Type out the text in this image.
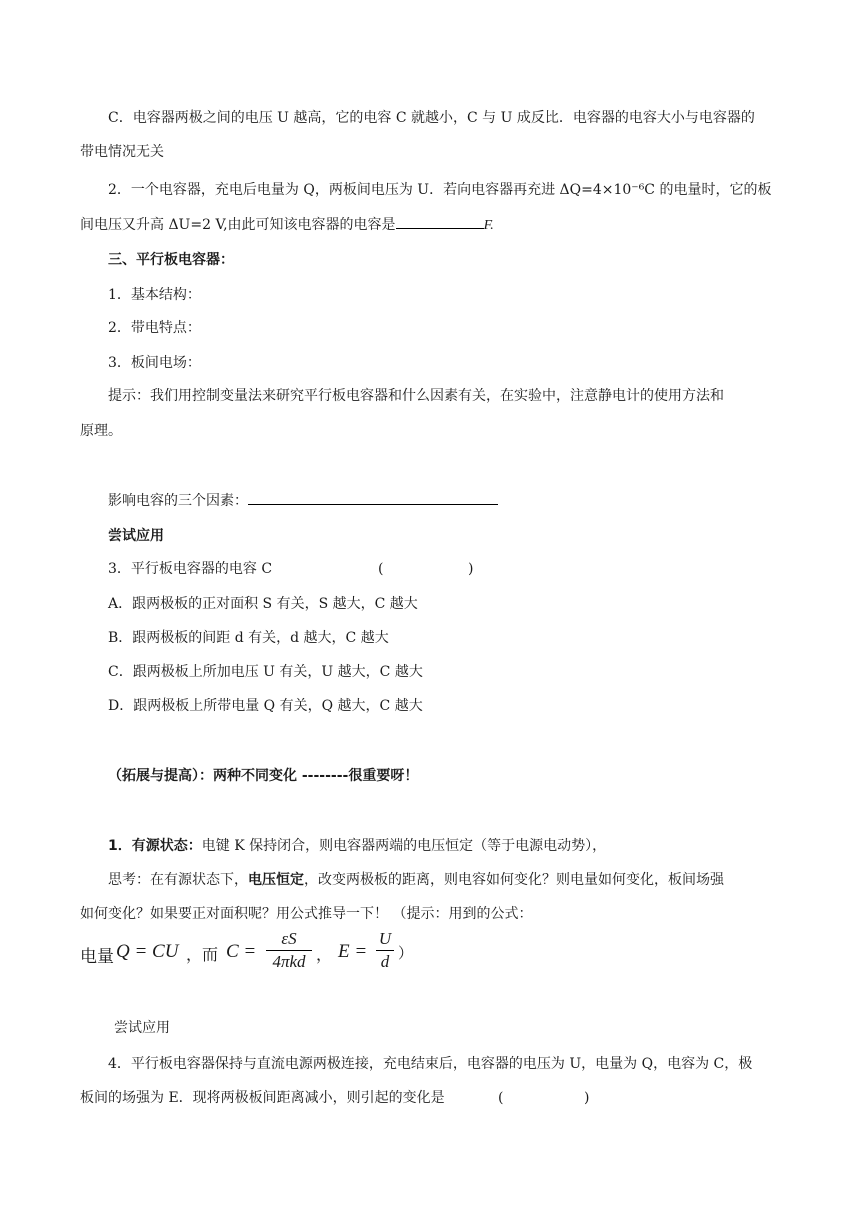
C．电容器两极之间的电压 U 越高，它的电容 C 就越小，C 与 U 成反比．电容器的电容大小与电容器的
带电情况无关
2．一个电容器，充电后电量为 Q，两板间电压为 U．若向电容器再充进 ΔQ=4×10⁻⁶C 的电量时，它的板
间电压又升高 ΔU=2 V,由此可知该电容器的电容是	F.
三、平行板电容器：
1．基本结构：
2．带电特点：
3．板间电场：
提示：我们用控制变量法来研究平行板电容器和什么因素有关，在实验中，注意静电计的使用方法和
原理。
影响电容的三个因素：
尝试应用
3．平行板电容器的电容 C	(	)
A．跟两极板的正对面积 S 有关，S 越大，C 越大
B．跟两极板的间距 d 有关，d 越大，C 越大
C．跟两极板上所加电压 U 有关，U 越大，C 越大
D．跟两极板上所带电量 Q 有关，Q 越大，C 越大
（拓展与提高）：两种不同变化 --------很重要呀！
1．有源状态：电键 K 保持闭合，则电容器两端的电压恒定（等于电源电动势），
思考：在有源状态下，电压恒定，改变两极板的距离，则电容如何变化？则电量如何变化，板间场强
如何变化？如果要正对面积呢？用公式推导一下！ （提示：用到的公式：
电量 Q = CU ，而 C =
εS
4πkd ， E =
U
d ）
尝试应用
4．平行板电容器保持与直流电源两极连接，充电结束后，电容器的电压为 U，电量为 Q，电容为 C，极
板间的场强为 E．现将两极板间距离减小，则引起的变化是	(	)
